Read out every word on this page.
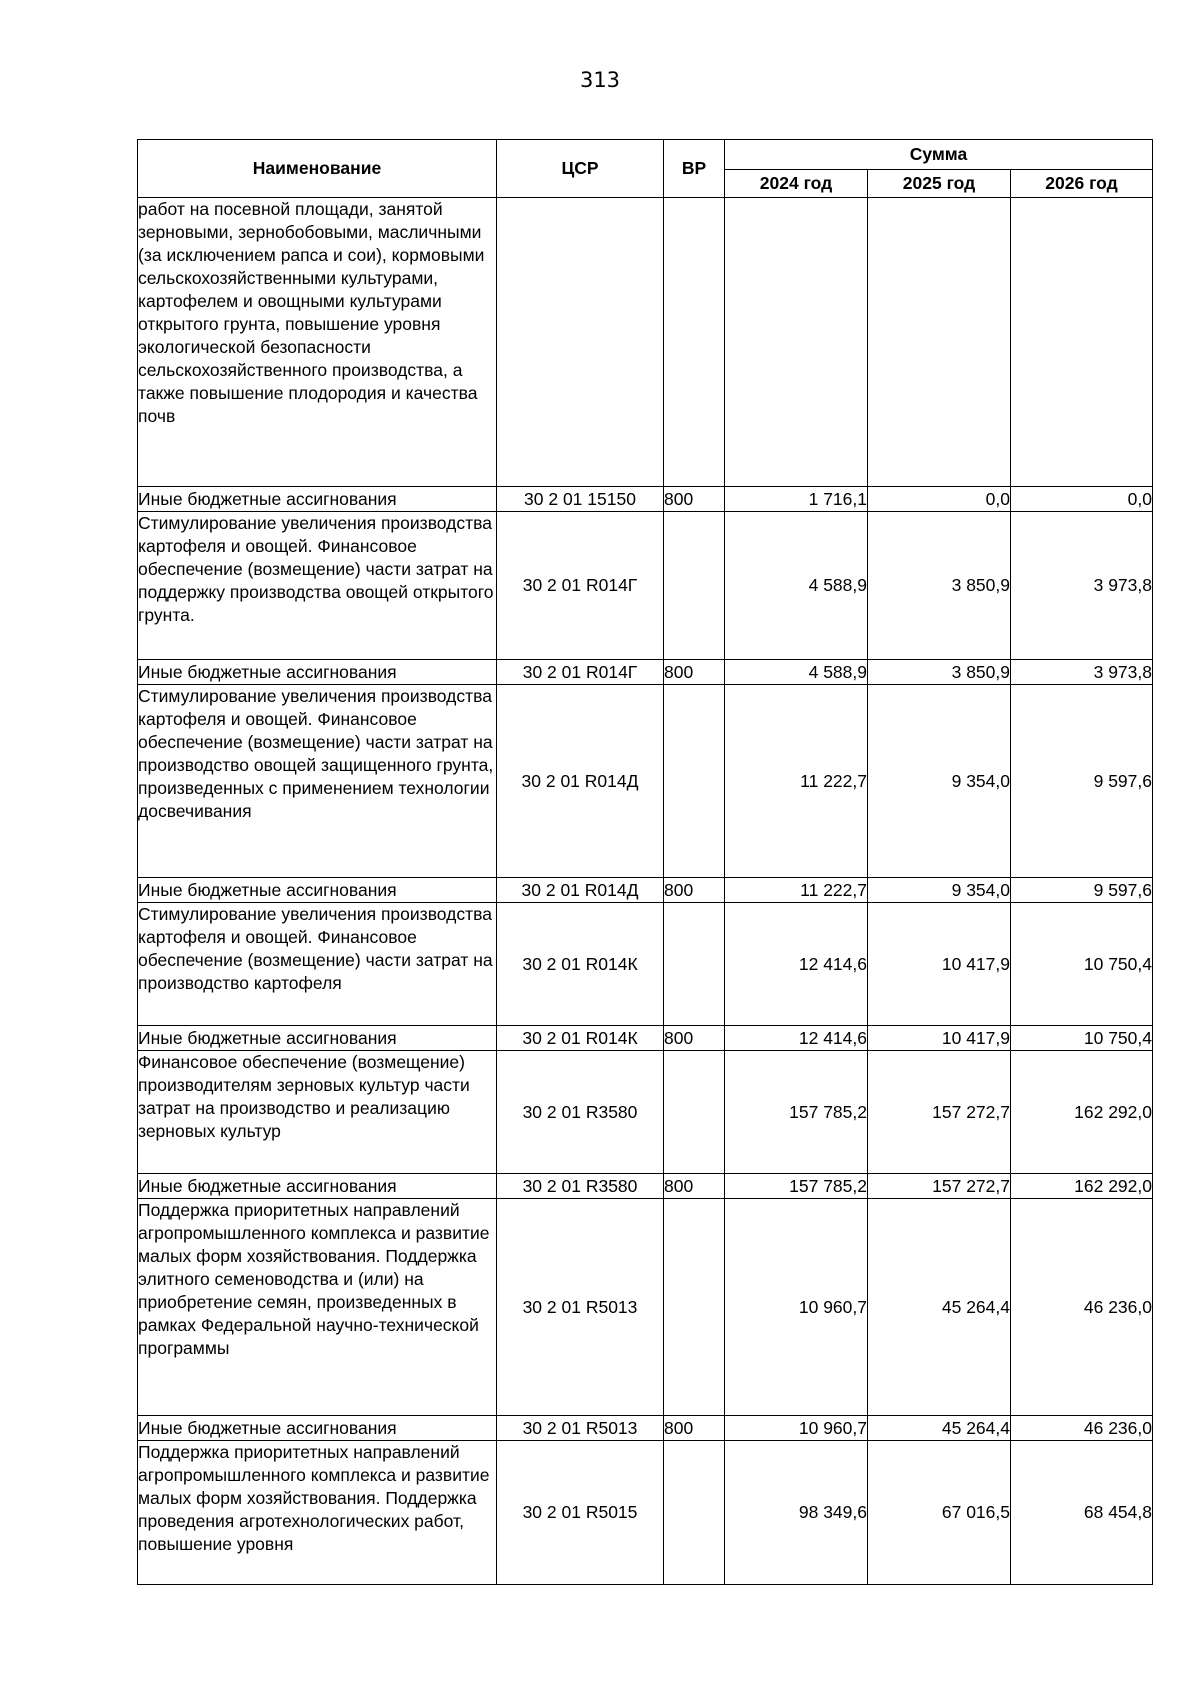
313
Наименование	ЦСР	ВР	Сумма		
			2024 год	2025 год	2026 год
работ на посевной площади, занятой зерновыми, зернобобовыми, масличными (за исключением рапса и сои), кормовыми сельскохозяйственными культурами, картофелем и овощными культурами открытого грунта, повышение уровня экологической безопасности сельскохозяйственного производства, а также повышение плодородия и качества почв					
Иные бюджетные ассигнования	30 2 01 15150	800	1 716,1	0,0	0,0
Стимулирование увеличения производства картофеля и овощей. Финансовое обеспечение (возмещение) части затрат на поддержку производства овощей открытого грунта.	30 2 01 R014Г		4 588,9	3 850,9	3 973,8
Иные бюджетные ассигнования	30 2 01 R014Г	800	4 588,9	3 850,9	3 973,8
Стимулирование увеличения производства картофеля и овощей. Финансовое обеспечение (возмещение) части затрат на производство овощей защищенного грунта, произведенных с применением технологии досвечивания	30 2 01 R014Д		11 222,7	9 354,0	9 597,6
Иные бюджетные ассигнования	30 2 01 R014Д	800	11 222,7	9 354,0	9 597,6
Стимулирование увеличения производства картофеля и овощей. Финансовое обеспечение (возмещение) части затрат на производство картофеля	30 2 01 R014К		12 414,6	10 417,9	10 750,4
Иные бюджетные ассигнования	30 2 01 R014К	800	12 414,6	10 417,9	10 750,4
Финансовое обеспечение (возмещение) производителям зерновых культур части затрат на производство и реализацию зерновых культур	30 2 01 R3580		157 785,2	157 272,7	162 292,0
Иные бюджетные ассигнования	30 2 01 R3580	800	157 785,2	157 272,7	162 292,0
Поддержка приоритетных направлений агропромышленного комплекса и развитие малых форм хозяйствования. Поддержка элитного семеноводства и (или) на приобретение семян, произведенных в рамках Федеральной научно-технической программы	30 2 01 R5013		10 960,7	45 264,4	46 236,0
Иные бюджетные ассигнования	30 2 01 R5013	800	10 960,7	45 264,4	46 236,0
Поддержка приоритетных направлений агропромышленного комплекса и развитие малых форм хозяйствования. Поддержка проведения агротехнологических работ, повышение уровня	30 2 01 R5015		98 349,6	67 016,5	68 454,8
